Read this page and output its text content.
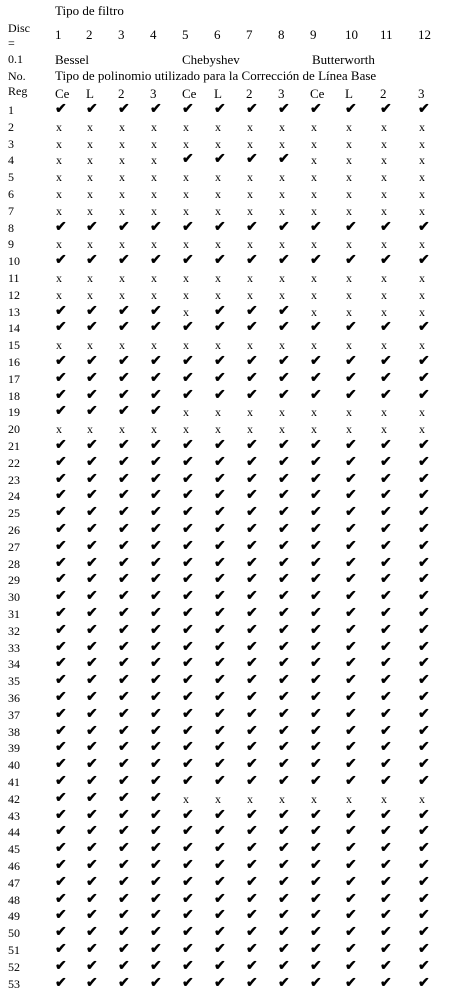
Tipo de filtro
Disc
=
0.1
No.
Reg
Tipo de polinomio utilizado para la Corrección de Línea Base
1 2 3 4 5 6 7 8 9 10 11 12
Bessel	Chebyshev	Butterworth
Ce L 2 3 Ce L 2 3 Ce L 2 3
1	✔ ✔ ✔ ✔ ✔ ✔ ✔ ✔ ✔ ✔ ✔ ✔
2	x x x x x x x x x x x	x
3	x x x x x x x x x x x	x
4	x x x x ✔ ✔ ✔ ✔ x x x	x
5	x x x x x x x x x x x	x
6	x x x x x x x x x x x	x
7	x x x x x x x x x x x	x
8	✔ ✔ ✔ ✔ ✔ ✔ ✔ ✔ ✔ ✔ ✔ ✔
9	x x x x x x x x x x x	x
10	✔ ✔ ✔ ✔ ✔ ✔ ✔ ✔ ✔ ✔ ✔ ✔
11	x x x x x x x x x x x	x
12	x x x x x x x x x x x	x
13	✔ ✔ ✔ ✔ x ✔ ✔ ✔ x x x	x
14	✔ ✔ ✔ ✔ ✔ ✔ ✔ ✔ ✔ ✔ ✔ ✔
15	x x x x x x x x x x x	x
16	✔ ✔ ✔ ✔ ✔ ✔ ✔ ✔ ✔ ✔ ✔ ✔
17	✔ ✔ ✔ ✔ ✔ ✔ ✔ ✔ ✔ ✔ ✔ ✔
18	✔ ✔ ✔ ✔ ✔ ✔ ✔ ✔ ✔ ✔ ✔ ✔
19	✔ ✔ ✔ ✔ x x x x x x x	x
20	x x x x x x x x x x x	x
21	✔ ✔ ✔ ✔ ✔ ✔ ✔ ✔ ✔ ✔ ✔ ✔
22	✔ ✔ ✔ ✔ ✔ ✔ ✔ ✔ ✔ ✔ ✔ ✔
23	✔ ✔ ✔ ✔ ✔ ✔ ✔ ✔ ✔ ✔ ✔ ✔
24	✔ ✔ ✔ ✔ ✔ ✔ ✔ ✔ ✔ ✔ ✔ ✔
25	✔ ✔ ✔ ✔ ✔ ✔ ✔ ✔ ✔ ✔ ✔ ✔
26	✔ ✔ ✔ ✔ ✔ ✔ ✔ ✔ ✔ ✔ ✔ ✔
27	✔ ✔ ✔ ✔ ✔ ✔ ✔ ✔ ✔ ✔ ✔ ✔
28	✔ ✔ ✔ ✔ ✔ ✔ ✔ ✔ ✔ ✔ ✔ ✔
29	✔ ✔ ✔ ✔ ✔ ✔ ✔ ✔ ✔ ✔ ✔ ✔
30	✔ ✔ ✔ ✔ ✔ ✔ ✔ ✔ ✔ ✔ ✔ ✔
31	✔ ✔ ✔ ✔ ✔ ✔ ✔ ✔ ✔ ✔ ✔ ✔
32	✔ ✔ ✔ ✔ ✔ ✔ ✔ ✔ ✔ ✔ ✔ ✔
33	✔ ✔ ✔ ✔ ✔ ✔ ✔ ✔ ✔ ✔ ✔ ✔
34	✔ ✔ ✔ ✔ ✔ ✔ ✔ ✔ ✔ ✔ ✔ ✔
35	✔ ✔ ✔ ✔ ✔ ✔ ✔ ✔ ✔ ✔ ✔ ✔
36	✔ ✔ ✔ ✔ ✔ ✔ ✔ ✔ ✔ ✔ ✔ ✔
37	✔ ✔ ✔ ✔ ✔ ✔ ✔ ✔ ✔ ✔ ✔ ✔
38	✔ ✔ ✔ ✔ ✔ ✔ ✔ ✔ ✔ ✔ ✔ ✔
39	✔ ✔ ✔ ✔ ✔ ✔ ✔ ✔ ✔ ✔ ✔ ✔
40	✔ ✔ ✔ ✔ ✔ ✔ ✔ ✔ ✔ ✔ ✔ ✔
41	✔ ✔ ✔ ✔ ✔ ✔ ✔ ✔ ✔ ✔ ✔ ✔
42	✔ ✔ ✔ ✔ x x x x x x x	x
43	✔ ✔ ✔ ✔ ✔ ✔ ✔ ✔ ✔ ✔ ✔ ✔
44	✔ ✔ ✔ ✔ ✔ ✔ ✔ ✔ ✔ ✔ ✔ ✔
45	✔ ✔ ✔ ✔ ✔ ✔ ✔ ✔ ✔ ✔ ✔ ✔
46	✔ ✔ ✔ ✔ ✔ ✔ ✔ ✔ ✔ ✔ ✔ ✔
47	✔ ✔ ✔ ✔ ✔ ✔ ✔ ✔ ✔ ✔ ✔ ✔
48	✔ ✔ ✔ ✔ ✔ ✔ ✔ ✔ ✔ ✔ ✔ ✔
49	✔ ✔ ✔ ✔ ✔ ✔ ✔ ✔ ✔ ✔ ✔ ✔
50	✔ ✔ ✔ ✔ ✔ ✔ ✔ ✔ ✔ ✔ ✔ ✔
51	✔ ✔ ✔ ✔ ✔ ✔ ✔ ✔ ✔ ✔ ✔ ✔
52	✔ ✔ ✔ ✔ ✔ ✔ ✔ ✔ ✔ ✔ ✔ ✔
53	✔ ✔ ✔ ✔ ✔ ✔ ✔ ✔ ✔ ✔ ✔ ✔
